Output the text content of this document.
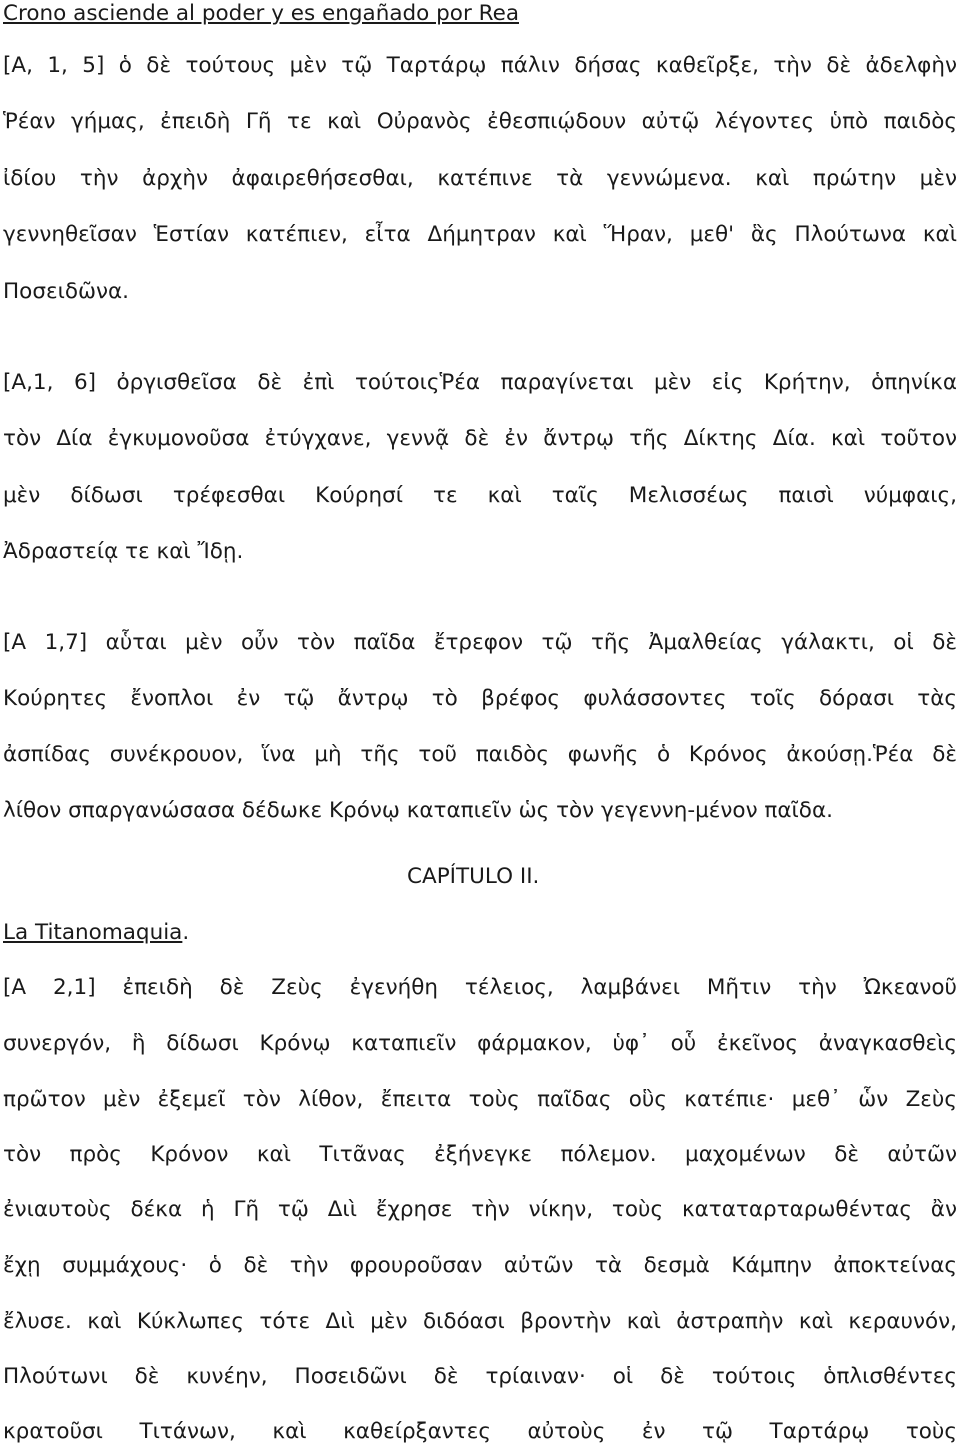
Crono asciende al poder y es engañado por Rea
[A, 1, 5] ὁ δὲ τούτους μὲν τῷ Ταρτάρῳ πάλιν δήσας καθεῖρξε, τὴν δὲ ἀδελφὴν
Ῥέαν γήμας, ἐπειδὴ Γῆ τε καὶ Οὐρανὸς ἐθεσπιῴδουν αὐτῷ λέγοντες ὑπὸ παιδὸς
ἰδίου τὴν ἀρχὴν ἀφαιρεθήσεσθαι, κατέπινε τὰ γεννώμενα. καὶ πρώτην μὲν
γεννηθεῖσαν Ἑστίαν κατέπιεν, εἶτα Δήμητραν καὶ Ἥραν, μεθ' ἃς Πλούτωνα καὶ
Ποσειδῶνα.
[A,1, 6] ὀργισθεῖσα δὲ ἐπὶ τούτοιςῬέα παραγίνεται μὲν εἰς Κρήτην, ὁπηνίκα
τὸν Δία ἐγκυμονοῦσα ἐτύγχανε, γεννᾷ δὲ ἐν ἄντρῳ τῆς Δίκτης Δία. καὶ τοῦτον
μὲν δίδωσι τρέφεσθαι Κούρησί τε καὶ ταῖς Μελισσέως παισὶ νύμφαις,
Ἀδραστείᾳ τε καὶ Ἴδῃ.
[A 1,7] αὗται μὲν οὖν τὸν παῖδα ἔτρεφον τῷ τῆς Ἀμαλθείας γάλακτι, οἱ δὲ
Κούρητες ἔνοπλοι ἐν τῷ ἄντρῳ τὸ βρέφος φυλάσσοντες τοῖς δόρασι τὰς
ἀσπίδας συνέκρουον, ἵνα μὴ τῆς τοῦ παιδὸς φωνῆς ὁ Κρόνος ἀκούσῃ.Ῥέα δὲ
λίθον σπαργανώσασα δέδωκε Κρόνῳ καταπιεῖν ὡς τὸν γεγεννη-μένον παῖδα.
CAPÍTULO II.
La Titanomaquia.
[A 2,1] ἐπειδὴ δὲ Ζεὺς ἐγενήθη τέλειος, λαμβάνει Μῆτιν τὴν Ὠκεανοῦ
συνεργόν, ἣ δίδωσι Κρόνῳ καταπιεῖν φάρμακον, ὑφ᾽ οὗ ἐκεῖνος ἀναγκασθεὶς
πρῶτον μὲν ἐξεμεῖ τὸν λίθον, ἔπειτα τοὺς παῖδας οὓς κατέπιε· μεθ᾽ ὧν Ζεὺς
τὸν πρὸς Κρόνον καὶ Τιτᾶνας ἐξήνεγκε πόλεμον. μαχομένων δὲ αὐτῶν
ἐνιαυτοὺς δέκα ἡ Γῆ τῷ Διὶ ἔχρησε τὴν νίκην, τοὺς καταταρταρωθέντας ἂν
ἔχῃ συμμάχους· ὁ δὲ τὴν φρουροῦσαν αὐτῶν τὰ δεσμὰ Κάμπην ἀποκτείνας
ἔλυσε. καὶ Κύκλωπες τότε Διὶ μὲν διδόασι βροντὴν καὶ ἀστραπὴν καὶ κεραυνόν,
Πλούτωνι δὲ κυνέην, Ποσειδῶνι δὲ τρίαιναν· οἱ δὲ τούτοις ὁπλισθέντες
κρατοῦσι Τιτάνων, καὶ καθείρξαντες αὐτοὺς ἐν τῷ Ταρτάρῳ τοὺς
